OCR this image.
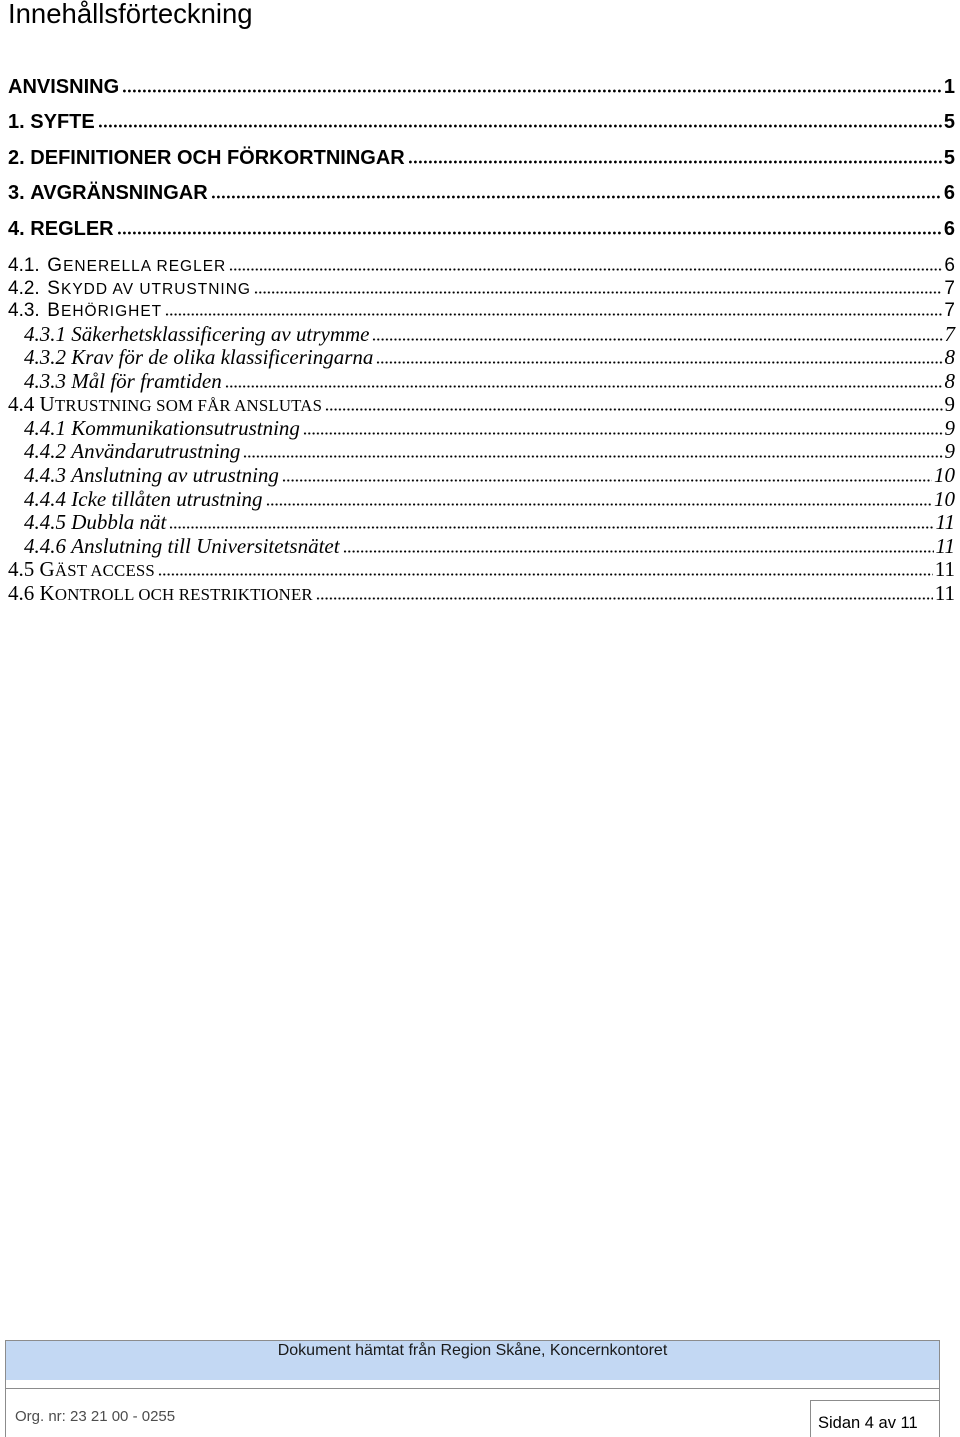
Innehållsförteckning
ANVISNING	1
1. SYFTE	5
2. DEFINITIONER OCH FÖRKORTNINGAR	5
3. AVGRÄNSNINGAR	6
4. REGLER	6
4.1. GENERELLA REGLER	6
4.2. SKYDD AV UTRUSTNING	7
4.3. BEHÖRIGHET	7
4.3.1 Säkerhetsklassificering av utrymme	7
4.3.2 Krav för de olika klassificeringarna	8
4.3.3 Mål för framtiden	8
4.4 UTRUSTNING SOM FÅR ANSLUTAS	9
4.4.1 Kommunikationsutrustning	9
4.4.2 Användarutrustning	9
4.4.3 Anslutning av utrustning	10
4.4.4 Icke tillåten utrustning	10
4.4.5 Dubbla nät	11
4.4.6 Anslutning till Universitetsnätet	11
4.5 GÄST ACCESS	11
4.6 KONTROLL OCH RESTRIKTIONER	11
Dokument hämtat från Region Skåne, Koncernkontoret
Org. nr: 23 21 00 - 0255	Sidan 4 av 11
